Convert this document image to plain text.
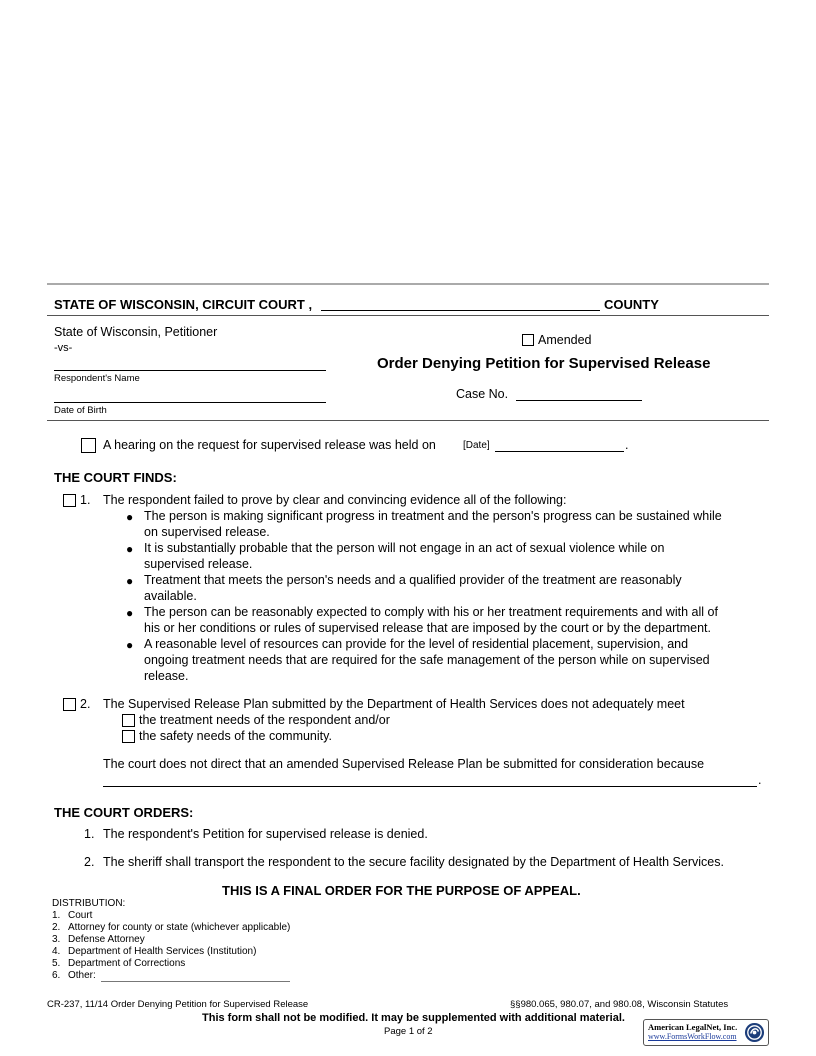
STATE OF WISCONSIN, CIRCUIT COURT ,	COUNTY
State of Wisconsin, Petitioner
-vs-
Respondent's Name
Date of Birth
Amended
Order Denying Petition for Supervised Release
Case No.
A hearing on the request for supervised release was held on	[Date]	.
THE COURT FINDS:
1. The respondent failed to prove by clear and convincing evidence all of the following:
● The person is making significant progress in treatment and the person's progress can be sustained while
on supervised release.
● It is substantially probable that the person will not engage in an act of sexual violence while on
supervised release.
● Treatment that meets the person's needs and a qualified provider of the treatment are reasonably
available.
● The person can be reasonably expected to comply with his or her treatment requirements and with all of
his or her conditions or rules of supervised release that are imposed by the court or by the department.
● A reasonable level of resources can provide for the level of residential placement, supervision, and
ongoing treatment needs that are required for the safe management of the person while on supervised
release.
2. The Supervised Release Plan submitted by the Department of Health Services does not adequately meet
the treatment needs of the respondent and/or
the safety needs of the community.
The court does not direct that an amended Supervised Release Plan be submitted for consideration because
.
THE COURT ORDERS:
1. The respondent's Petition for supervised release is denied.
2. The sheriff shall transport the respondent to the secure facility designated by the Department of Health Services.
THIS IS A FINAL ORDER FOR THE PURPOSE OF APPEAL.
DISTRIBUTION:
1. Court
2. Attorney for county or state (whichever applicable)
3. Defense Attorney
4. Department of Health Services (Institution)
5. Department of Corrections
6. Other:
CR-237, 11/14 Order Denying Petition for Supervised Release	§§980.065, 980.07, and 980.08, Wisconsin Statutes
This form shall not be modified. It may be supplemented with additional material.
Page 1 of 2	American LegalNet, Inc.
www.FormsWorkFlow.com
